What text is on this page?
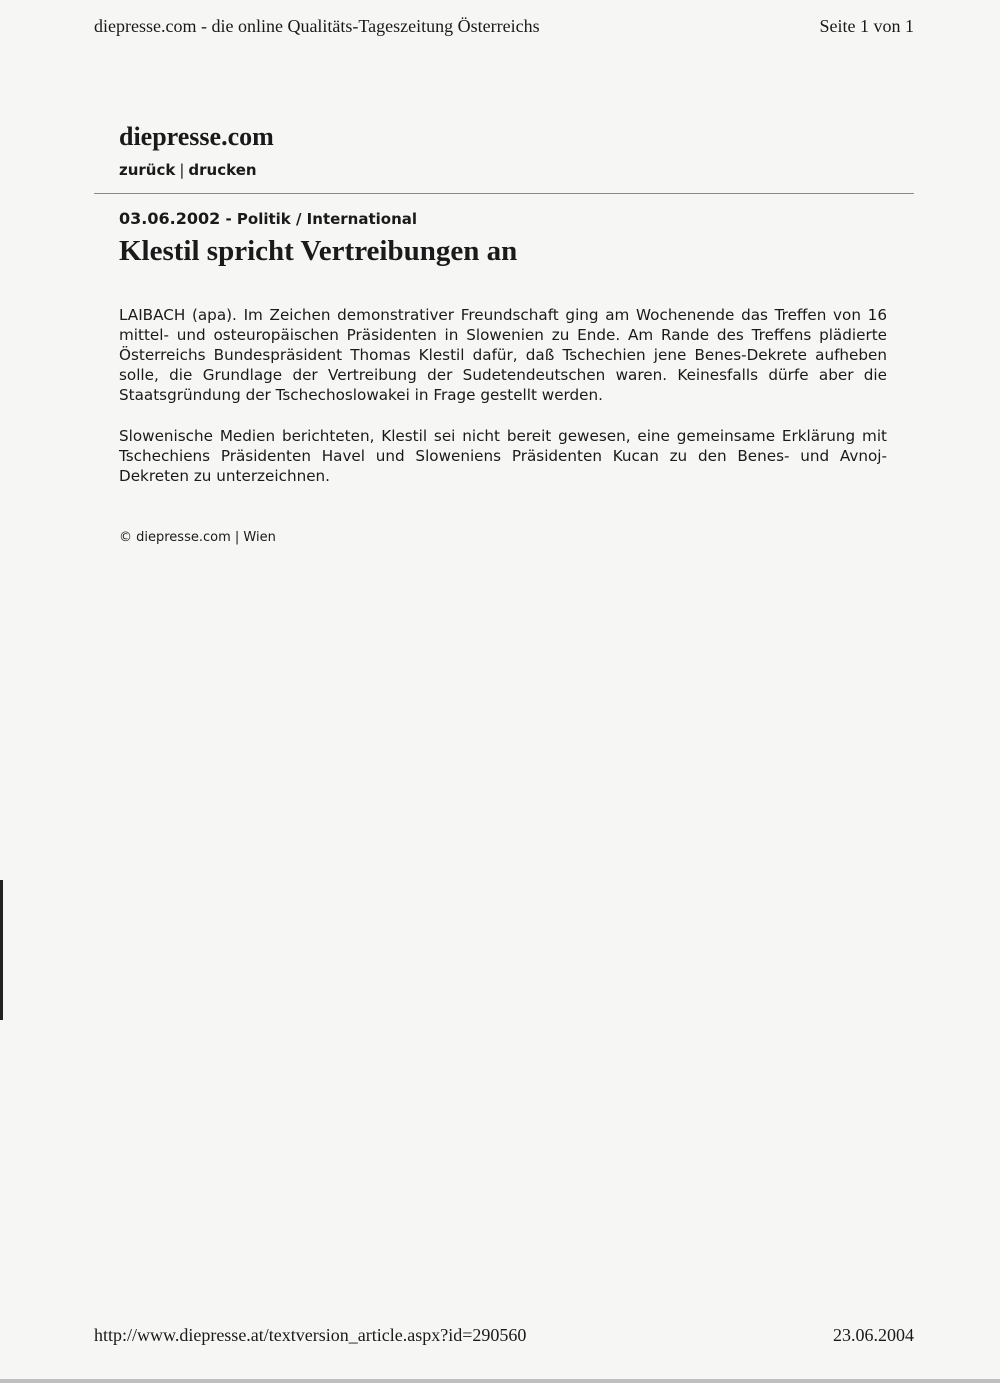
diepresse.com - die online Qualitäts-Tageszeitung Österreichs	Seite 1 von 1
diepresse.com
zurück | drucken
03.06.2002 - Politik / International
Klestil spricht Vertreibungen an

LAIBACH (apa). Im Zeichen demonstrativer Freundschaft ging am Wochenende das Treffen von 16 mittel- und osteuropäischen Präsidenten in Slowenien zu Ende. Am Rande des Treffens plädierte Österreichs Bundespräsident Thomas Klestil dafür, daß Tschechien jene Benes-Dekrete aufheben solle, die Grundlage der Vertreibung der Sudetendeutschen waren. Keinesfalls dürfe aber die Staatsgründung der Tschechoslowakei in Frage gestellt werden.

Slowenische Medien berichteten, Klestil sei nicht bereit gewesen, eine gemeinsame Erklärung mit Tschechiens Präsidenten Havel und Sloweniens Präsidenten Kucan zu den Benes- und Avnoj-Dekreten zu unterzeichnen.

© diepresse.com | Wien
http://www.diepresse.at/textversion_article.aspx?id=290560	23.06.2004
